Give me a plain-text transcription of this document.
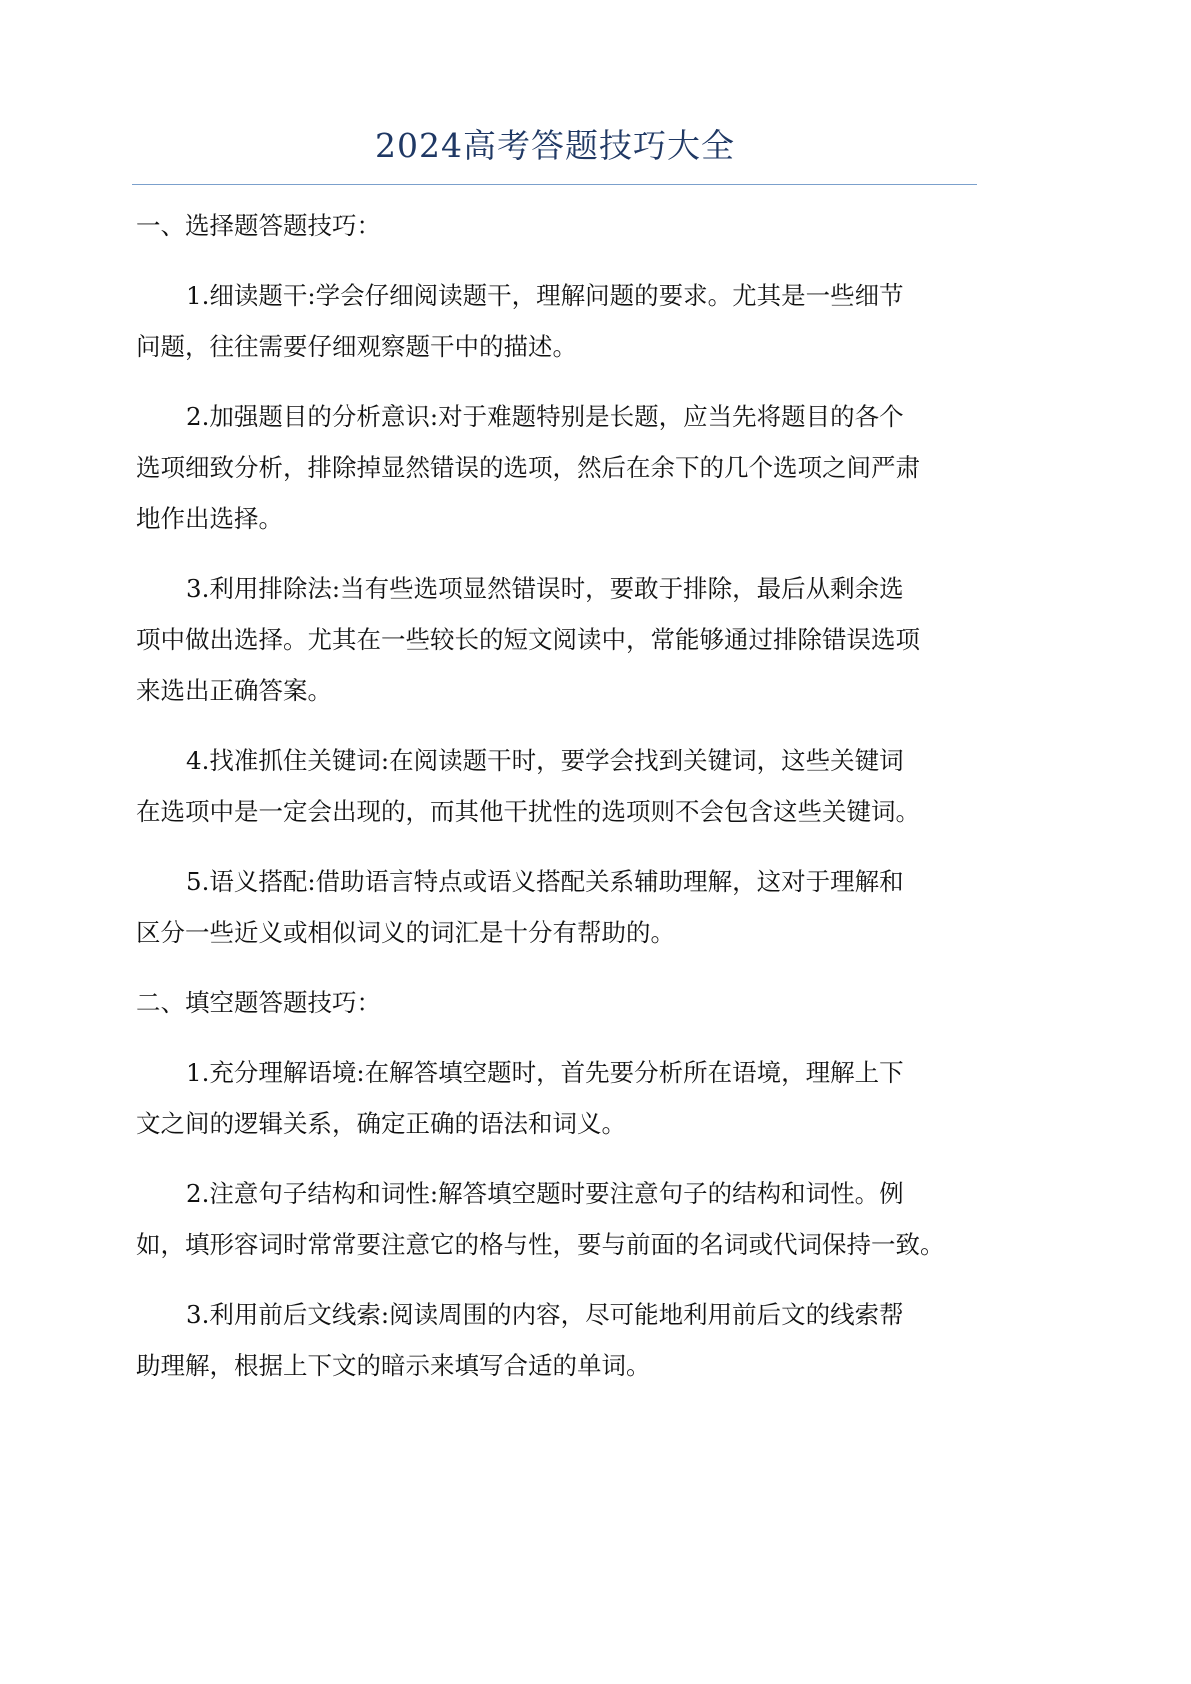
2024高考答题技巧大全
一、选择题答题技巧：
1.细读题干:学会仔细阅读题干，理解问题的要求。尤其是一些细节
问题，往往需要仔细观察题干中的描述。
2.加强题目的分析意识:对于难题特别是长题，应当先将题目的各个
选项细致分析，排除掉显然错误的选项，然后在余下的几个选项之间严肃
地作出选择。
3.利用排除法:当有些选项显然错误时，要敢于排除，最后从剩余选
项中做出选择。尤其在一些较长的短文阅读中，常能够通过排除错误选项
来选出正确答案。
4.找准抓住关键词:在阅读题干时，要学会找到关键词，这些关键词
在选项中是一定会出现的，而其他干扰性的选项则不会包含这些关键词。
5.语义搭配:借助语言特点或语义搭配关系辅助理解，这对于理解和
区分一些近义或相似词义的词汇是十分有帮助的。
二、填空题答题技巧：
1.充分理解语境:在解答填空题时，首先要分析所在语境，理解上下
文之间的逻辑关系，确定正确的语法和词义。
2.注意句子结构和词性:解答填空题时要注意句子的结构和词性。例
如，填形容词时常常要注意它的格与性，要与前面的名词或代词保持一致。
3.利用前后文线索:阅读周围的内容，尽可能地利用前后文的线索帮
助理解，根据上下文的暗示来填写合适的单词。
